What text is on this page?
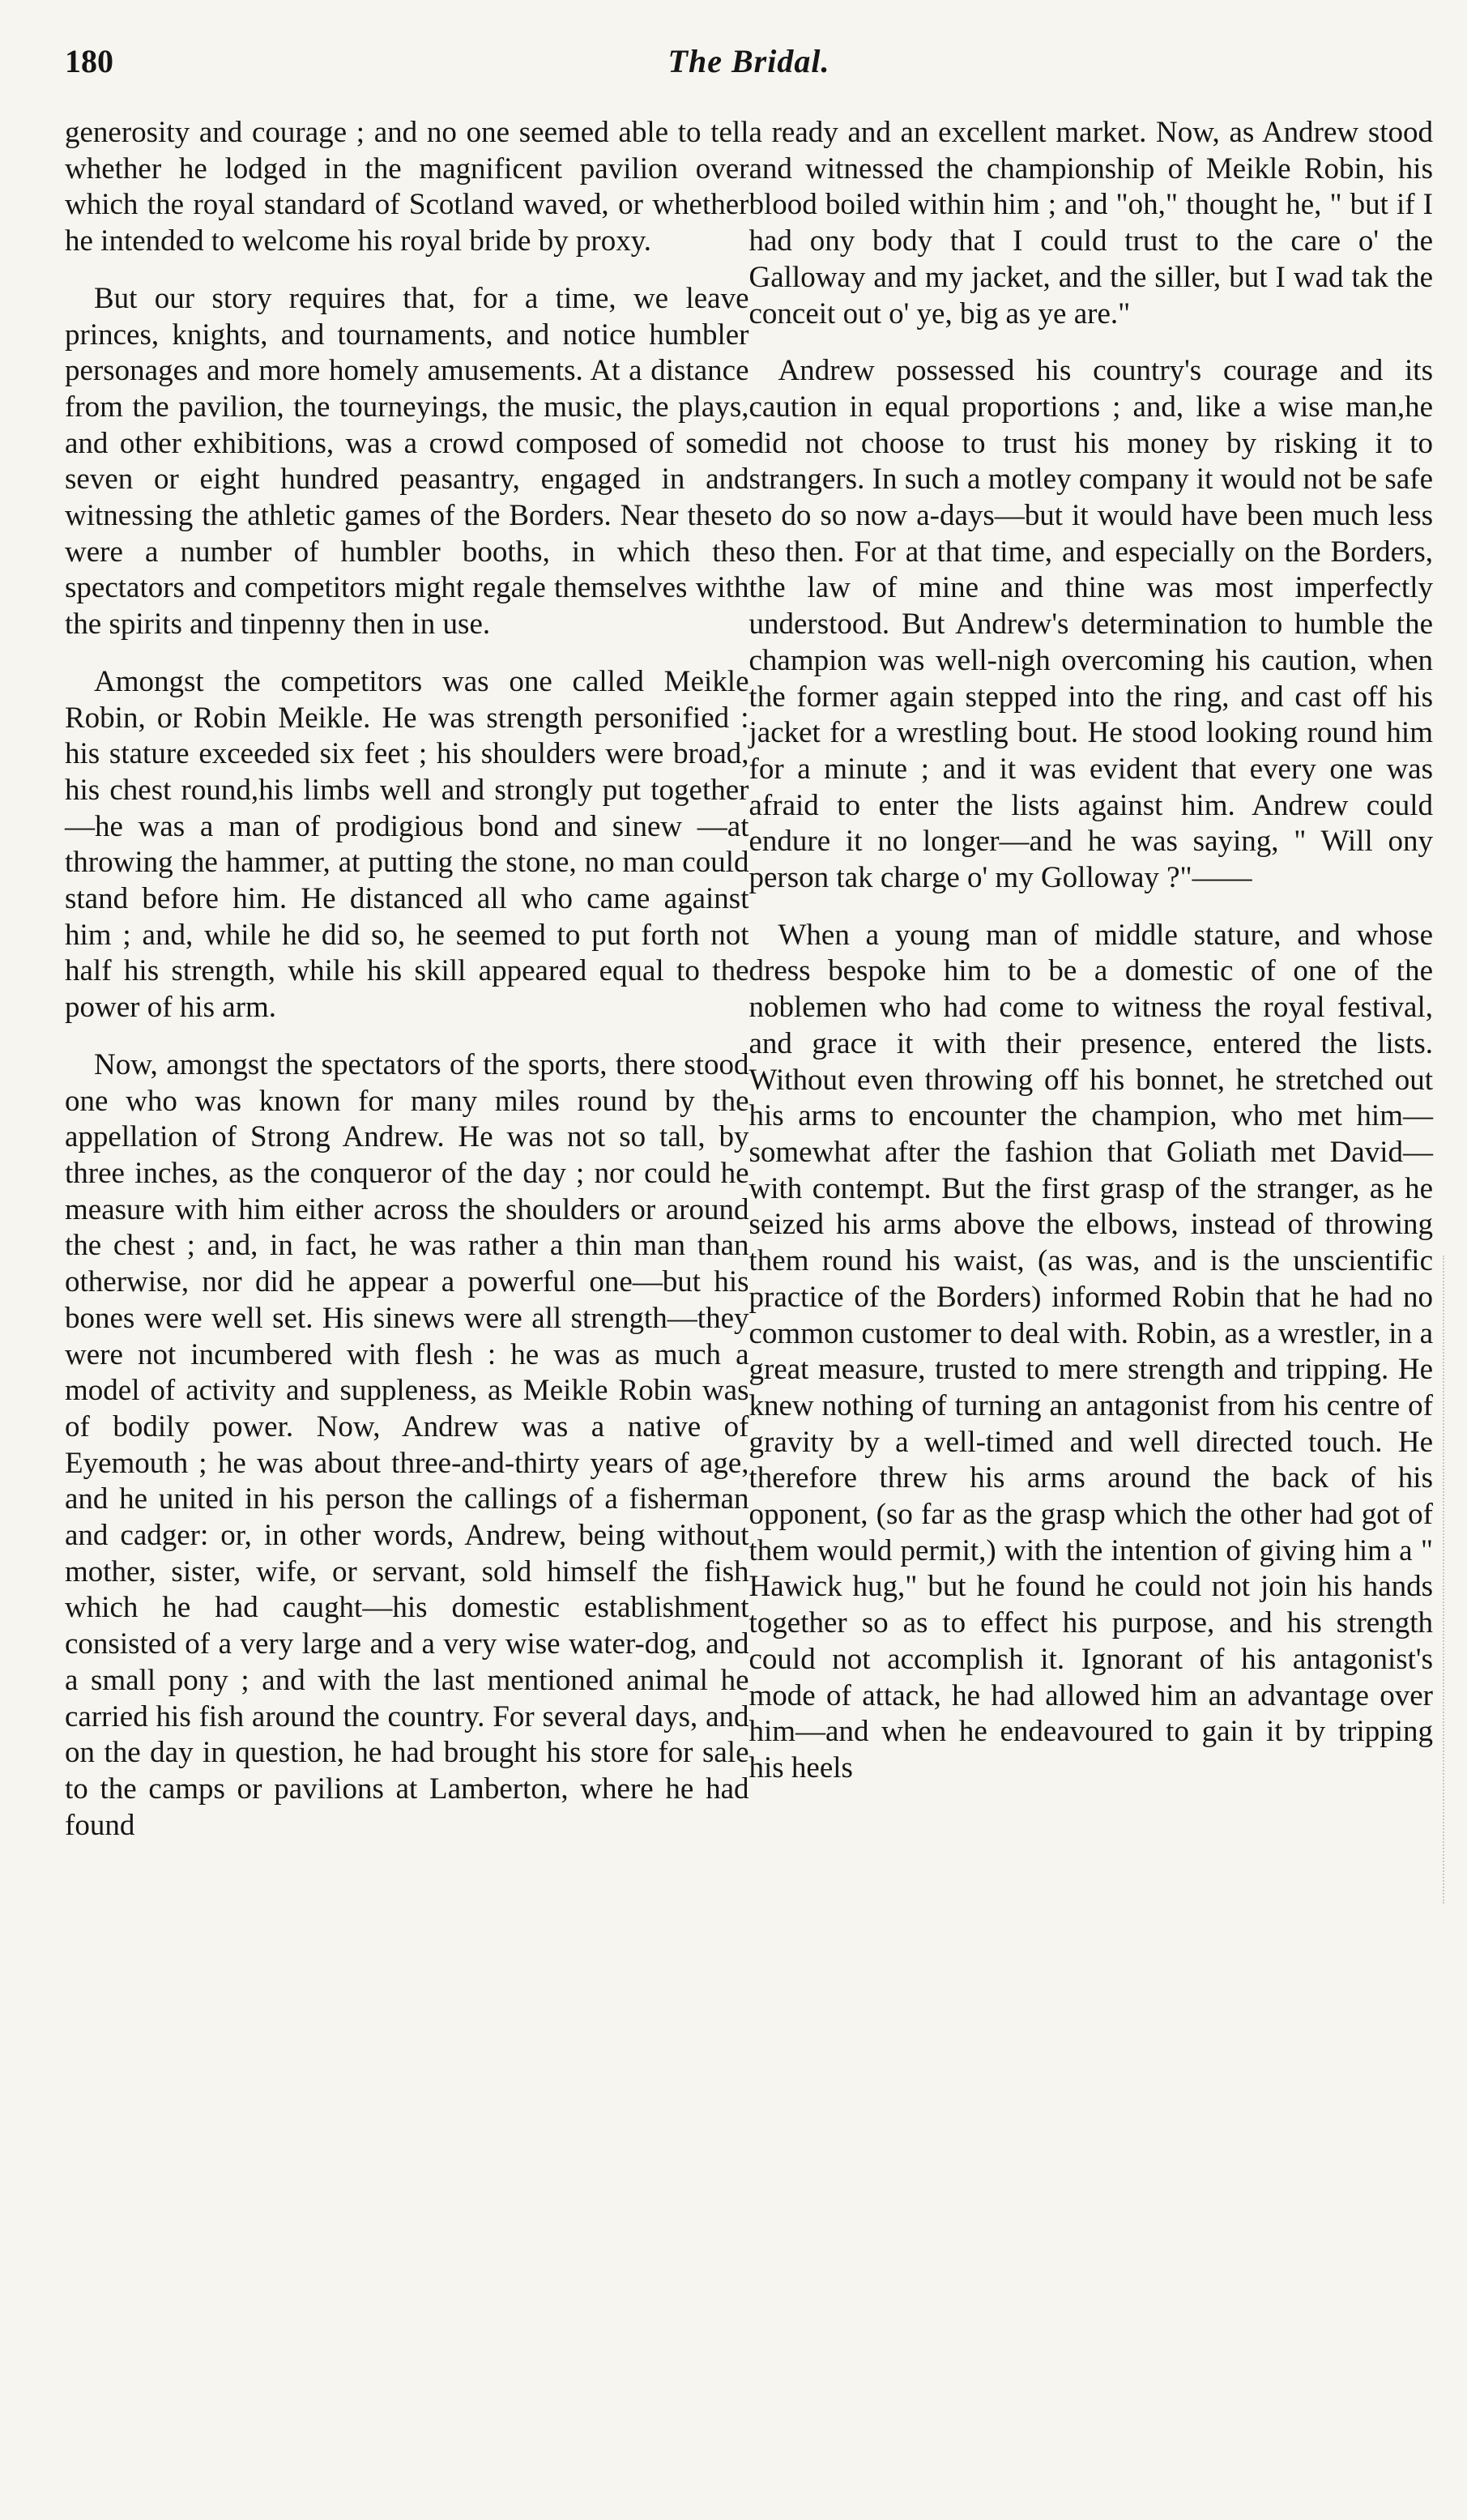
180	The Bridal.

generosity and courage ; and no one seemed able to tell whether he lodged in the magnificent pavilion over which the royal standard of Scotland waved, or whether he intended to welcome his royal bride by proxy.

But our story requires that, for a time, we leave princes, knights, and tournaments, and notice humbler personages and more homely amusements. At a distance from the pavilion, the tourneyings, the music, the plays, and other exhibitions, was a crowd composed of some seven or eight hundred peasantry, engaged in and witnessing the athletic games of the Borders. Near these were a number of humbler booths, in which the spectators and competitors might regale themselves with the spirits and tinpenny then in use.

Amongst the competitors was one called Meikle Robin, or Robin Meikle. He was strength personified : his stature exceeded six feet ; his shoulders were broad, his chest round,his limbs well and strongly put together —he was a man of prodigious bond and sinew —at throwing the hammer, at putting the stone, no man could stand before him. He distanced all who came against him ; and, while he did so, he seemed to put forth not half his strength, while his skill appeared equal to the power of his arm.

Now, amongst the spectators of the sports, there stood one who was known for many miles round by the appellation of Strong Andrew. He was not so tall, by three inches, as the conqueror of the day ; nor could he measure with him either across the shoulders or around the chest ; and, in fact, he was rather a thin man than otherwise, nor did he appear a powerful one—but his bones were well set. His sinews were all strength—they were not incumbered with flesh : he was as much a model of activity and suppleness, as Meikle Robin was of bodily power. Now, Andrew was a native of Eyemouth ; he was about three-and-thirty years of age, and he united in his person the callings of a fisherman and cadger: or, in other words, Andrew, being without mother, sister, wife, or servant, sold himself the fish which he had caught—his domestic establishment consisted of a very large and a very wise water-dog, and a small pony ; and with the last mentioned animal he carried his fish around the country. For several days, and on the day in question, he had brought his store for sale to the camps or pavilions at Lamberton, where he had found

a ready and an excellent market. Now, as Andrew stood and witnessed the championship of Meikle Robin, his blood boiled within him ; and "oh," thought he, " but if I had ony body that I could trust to the care o' the Galloway and my jacket, and the siller, but I wad tak the conceit out o' ye, big as ye are."

Andrew possessed his country's courage and its caution in equal proportions ; and, like a wise man,he did not choose to trust his money by risking it to strangers. In such a motley company it would not be safe to do so now a-days—but it would have been much less so then. For at that time, and especially on the Borders, the law of mine and thine was most imperfectly understood. But Andrew's determination to humble the champion was well-nigh overcoming his caution, when the former again stepped into the ring, and cast off his jacket for a wrestling bout. He stood looking round him for a minute ; and it was evident that every one was afraid to enter the lists against him. Andrew could endure it no longer—and he was saying, " Will ony person tak charge o' my Golloway ?"——

When a young man of middle stature, and whose dress bespoke him to be a domestic of one of the noblemen who had come to witness the royal festival, and grace it with their presence, entered the lists. Without even throwing off his bonnet, he stretched out his arms to encounter the champion, who met him—somewhat after the fashion that Goliath met David—with contempt. But the first grasp of the stranger, as he seized his arms above the elbows, instead of throwing them round his waist, (as was, and is the unscientific practice of the Borders) informed Robin that he had no common customer to deal with. Robin, as a wrestler, in a great measure, trusted to mere strength and tripping. He knew nothing of turning an antagonist from his centre of gravity by a well-timed and well directed touch. He therefore threw his arms around the back of his opponent, (so far as the grasp which the other had got of them would permit,) with the intention of giving him a " Hawick hug," but he found he could not join his hands together so as to effect his purpose, and his strength could not accomplish it. Ignorant of his antagonist's mode of attack, he had allowed him an advantage over him—and when he endeavoured to gain it by tripping his heels
